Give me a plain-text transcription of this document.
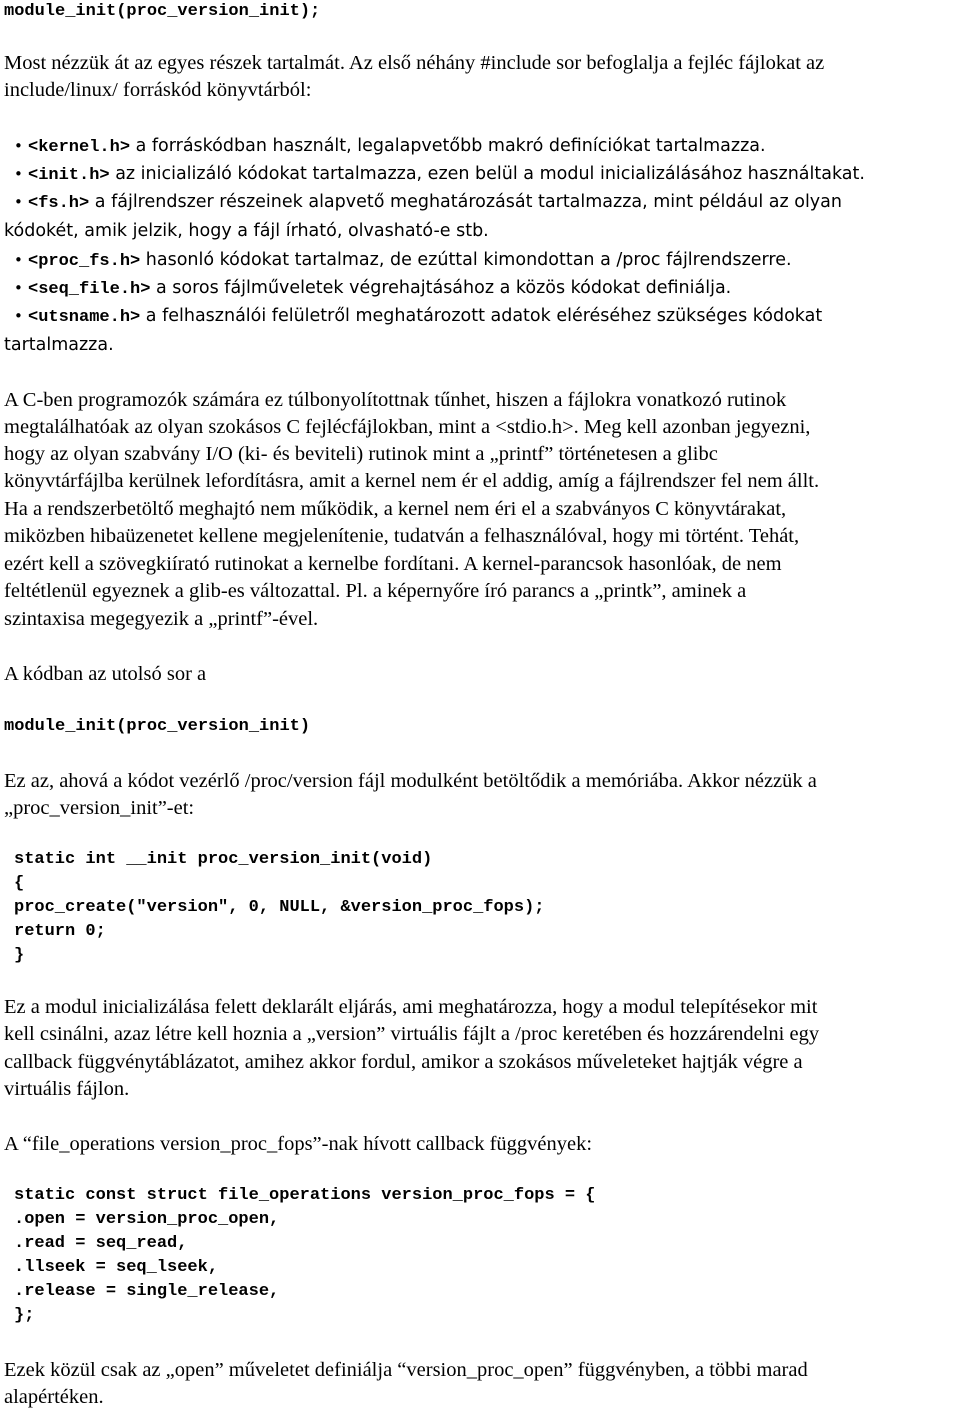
module_init(proc_version_init);
Most nézzük át az egyes részek tartalmát. Az első néhány #include sor befoglalja a fejléc fájlokat az
include/linux/ forráskód könyvtárból:
• <kernel.h> a forráskódban használt, legalapvetőbb makró definíciókat tartalmazza.
• <init.h> az inicializáló kódokat tartalmazza, ezen belül a modul inicializálásához használtakat.
• <fs.h> a fájlrendszer részeinek alapvető meghatározását tartalmazza, mint például az olyan
kódokét, amik jelzik, hogy a fájl írható, olvasható-e stb.
• <proc_fs.h> hasonló kódokat tartalmaz, de ezúttal kimondottan a /proc fájlrendszerre.
• <seq_file.h> a soros fájlműveletek végrehajtásához a közös kódokat definiálja.
• <utsname.h> a felhasználói felületről meghatározott adatok eléréséhez szükséges kódokat
tartalmazza.
A C-ben programozók számára ez túlbonyolítottnak tűnhet, hiszen a fájlokra vonatkozó rutinok
megtalálhatóak az olyan szokásos C fejlécfájlokban, mint a <stdio.h>. Meg kell azonban jegyezni,
hogy az olyan szabvány I/O (ki- és beviteli) rutinok mint a „printf” történetesen a glibc
könyvtárfájlba kerülnek lefordításra, amit a kernel nem ér el addig, amíg a fájlrendszer fel nem állt.
Ha a rendszerbetöltő meghajtó nem működik, a kernel nem éri el a szabványos C könyvtárakat,
miközben hibaüzenetet kellene megjelenítenie, tudatván a felhasználóval, hogy mi történt. Tehát,
ezért kell a szövegkiírató rutinokat a kernelbe fordítani. A kernel-parancsok hasonlóak, de nem
feltétlenül egyeznek a glib-es változattal. Pl. a képernyőre író parancs a „printk”, aminek a
szintaxisa megegyezik a „printf”-ével.
A kódban az utolsó sor a
module_init(proc_version_init)
Ez az, ahová a kódot vezérlő /proc/version fájl modulként betöltődik a memóriába. Akkor nézzük a
„proc_version_init”-et:
static int __init proc_version_init(void)
{
proc_create("version", 0, NULL, &version_proc_fops);
return 0;
}
Ez a modul inicializálása felett deklarált eljárás, ami meghatározza, hogy a modul telepítésekor mit
kell csinálni, azaz létre kell hoznia a „version” virtuális fájlt a /proc keretében és hozzárendelni egy
callback függvénytáblázatot, amihez akkor fordul, amikor a szokásos műveleteket hajtják végre a
virtuális fájlon.
A “file_operations version_proc_fops”-nak hívott callback függvények:
static const struct file_operations version_proc_fops = {
.open = version_proc_open,
.read = seq_read,
.llseek = seq_lseek,
.release = single_release,
};
Ezek közül csak az „open” műveletet definiálja “version_proc_open” függvényben, a többi marad
alapértéken.
